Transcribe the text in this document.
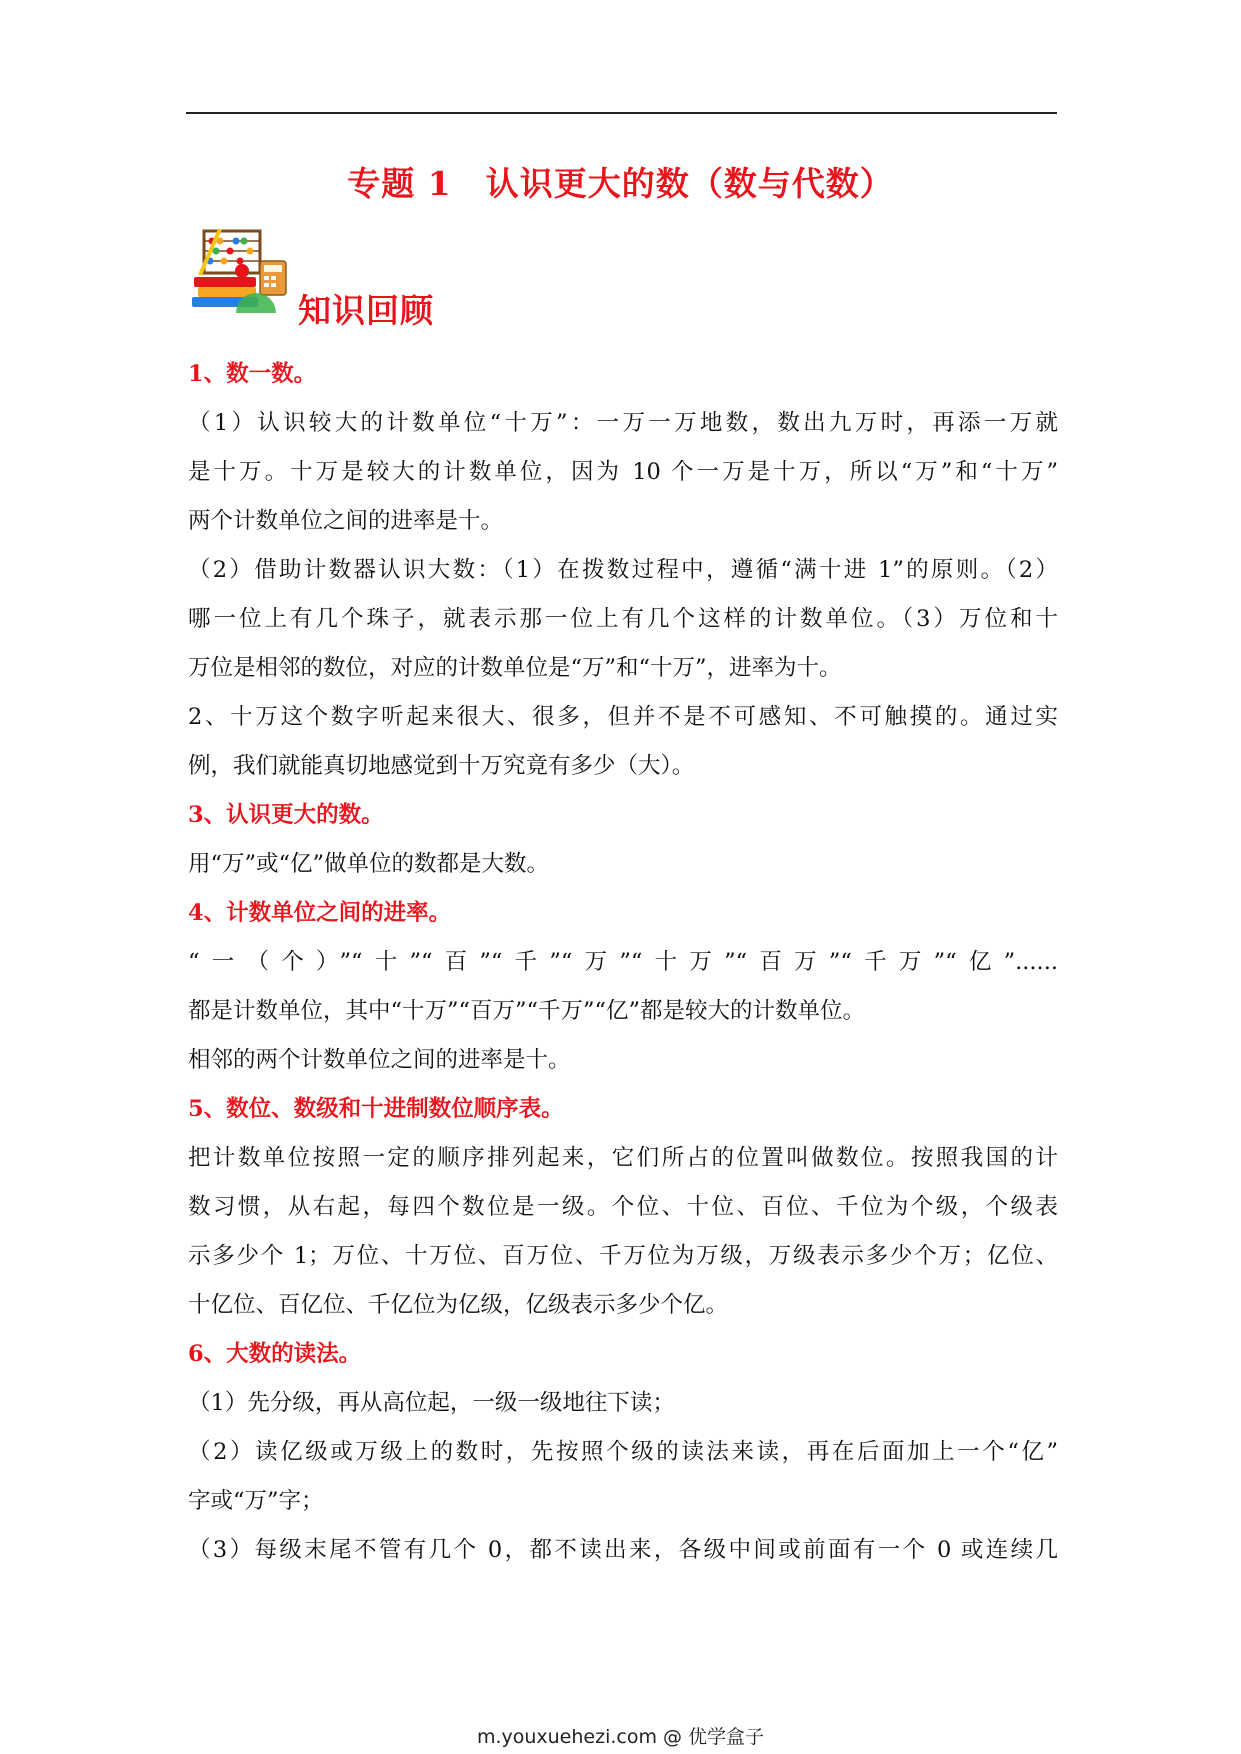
专题 1　认识更大的数（数与代数）
知识回顾
1、数一数。
（1）认识较大的计数单位“十万”：一万一万地数，数出九万时，再添一万就
是十万。十万是较大的计数单位，因为 10 个一万是十万，所以“万”和“十万”
两个计数单位之间的进率是十。
（2）借助计数器认识大数：（1）在拨数过程中，遵循“满十进 1”的原则。（2）
哪一位上有几个珠子，就表示那一位上有几个这样的计数单位。（3）万位和十
万位是相邻的数位，对应的计数单位是“万”和“十万”，进率为十。
2、十万这个数字听起来很大、很多，但并不是不可感知、不可触摸的。通过实
例，我们就能真切地感觉到十万究竟有多少（大）。
3、认识更大的数。
用“万”或“亿”做单位的数都是大数。
4、计数单位之间的进率。
“一（个）”“十”“百”“千”“万”“十万”“百万”“千万”“亿”......
都是计数单位，其中“十万”“百万”“千万”“亿”都是较大的计数单位。
相邻的两个计数单位之间的进率是十。
5、数位、数级和十进制数位顺序表。
把计数单位按照一定的顺序排列起来，它们所占的位置叫做数位。按照我国的计
数习惯，从右起，每四个数位是一级。个位、十位、百位、千位为个级，个级表
示多少个 1；万位、十万位、百万位、千万位为万级，万级表示多少个万；亿位、
十亿位、百亿位、千亿位为亿级，亿级表示多少个亿。
6、大数的读法。
（1）先分级，再从高位起，一级一级地往下读；
（2）读亿级或万级上的数时，先按照个级的读法来读，再在后面加上一个“亿”
字或“万”字；
（3）每级末尾不管有几个 0，都不读出来，各级中间或前面有一个 0 或连续几
m.youxuehezi.com @ 优学盒子
